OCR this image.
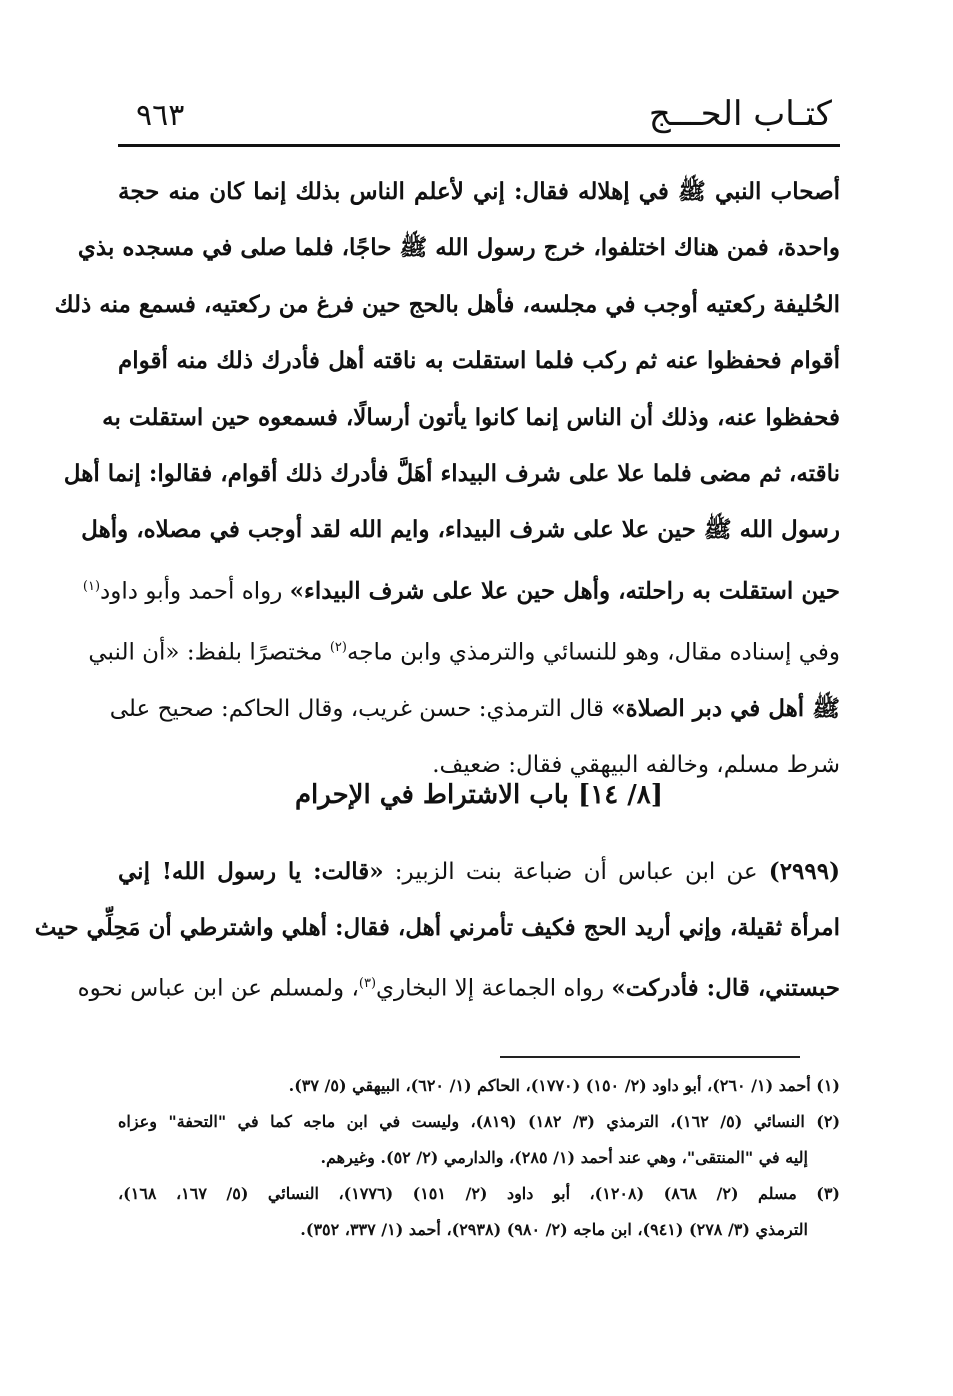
كتـاب الحـــج
٩٦٣
أصحاب النبي ﷺ في إهلاله فقال: إني لأعلم الناس بذلك إنما كان منه حجة
واحدة، فمن هناك اختلفوا، خرج رسول الله ﷺ حاجًا، فلما صلى في مسجده بذي
الحُليفة ركعتيه أوجب في مجلسه، فأهل بالحج حين فرغ من ركعتيه، فسمع منه ذلك
أقوام فحفظوا عنه ثم ركب فلما استقلت به ناقته أهل فأدرك ذلك منه أقوام
فحفظوا عنه، وذلك أن الناس إنما كانوا يأتون أرسالًا، فسمعوه حين استقلت به
ناقته، ثم مضى فلما علا على شرف البيداء أهَلَّ فأدرك ذلك أقوام، فقالوا: إنما أهل
رسول الله ﷺ حين علا على شرف البيداء، وايم الله لقد أوجب في مصلاه، وأهل
حين استقلت به راحلته، وأهل حين علا على شرف البيداء» رواه أحمد وأبو داود$^{(١)}$
وفي إسناده مقال، وهو للنسائي والترمذي وابن ماجه$^{(٢)}$ مختصرًا بلفظ: «أن النبي
ﷺ أهل في دبر الصلاة» قال الترمذي: حسن غريب، وقال الحاكم: صحيح على
شرط مسلم، وخالفه البيهقي فقال: ضعيف.
[٨/ ١٤] باب الاشتراط في الإحرام
(٢٩٩٩) عن ابن عباس أن ضباعة بنت الزبير: «قالت: يا رسول الله! إني
امرأة ثقيلة، وإني أريد الحج فكيف تأمرني أهل، فقال: أهلي واشترطي أن مَحِلِّي حيث
حبستني، قال: فأدركت» رواه الجماعة إلا البخاري$^{(٣)}$، ولمسلم عن ابن عباس نحوه
(١) أحمد (١/ ٢٦٠)، أبو داود (٢/ ١٥٠) (١٧٧٠)، الحاكم (١/ ٦٢٠)، البيهقي (٥/ ٣٧).
(٢) النسائي (٥/ ١٦٢)، الترمذي (٣/ ١٨٢) (٨١٩)، وليست في ابن ماجه كما في "التحفة" وعزاه
إليه في "المنتقى"، وهي عند أحمد (١/ ٢٨٥)، والدارمي (٢/ ٥٢). وغيرهم.
(٣) مسلم (٢/ ٨٦٨) (١٢٠٨)، أبو داود (٢/ ١٥١) (١٧٧٦)، النسائي (٥/ ١٦٧، ١٦٨)،
الترمذي (٣/ ٢٧٨) (٩٤١)، ابن ماجه (٢/ ٩٨٠) (٢٩٣٨)، أحمد (١/ ٣٣٧، ٣٥٢).
